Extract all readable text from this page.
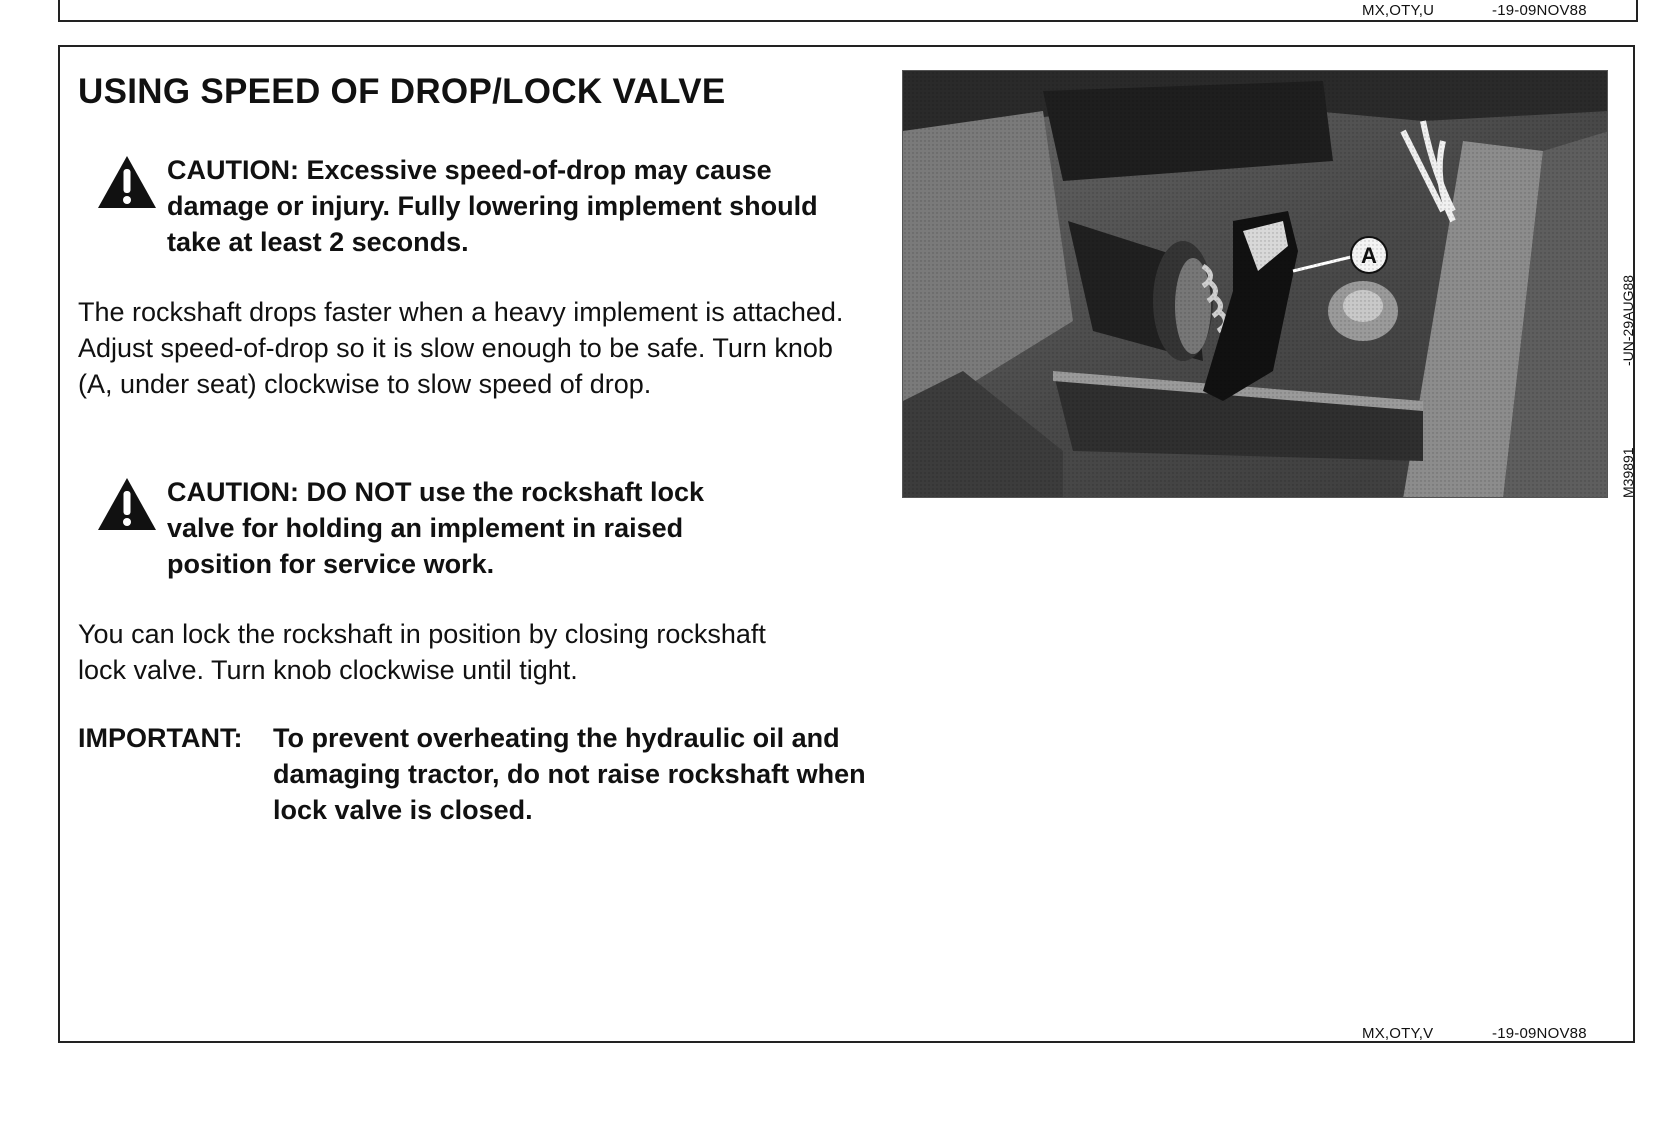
MX,OTY,U	-19-09NOV88
USING SPEED OF DROP/LOCK VALVE
CAUTION: Excessive speed-of-drop may cause damage or injury. Fully lowering implement should take at least 2 seconds.

The rockshaft drops faster when a heavy implement is attached. Adjust speed-of-drop so it is slow enough to be safe. Turn knob (A, under seat) clockwise to slow speed of drop.

CAUTION: DO NOT use the rockshaft lock valve for holding an implement in raised position for service work.

You can lock the rockshaft in position by closing rockshaft lock valve. Turn knob clockwise until tight.

IMPORTANT: To prevent overheating the hydraulic oil and damaging tractor, do not raise rockshaft when lock valve is closed.
-UN-29AUG88
M39891
MX,OTY,V	-19-09NOV88
